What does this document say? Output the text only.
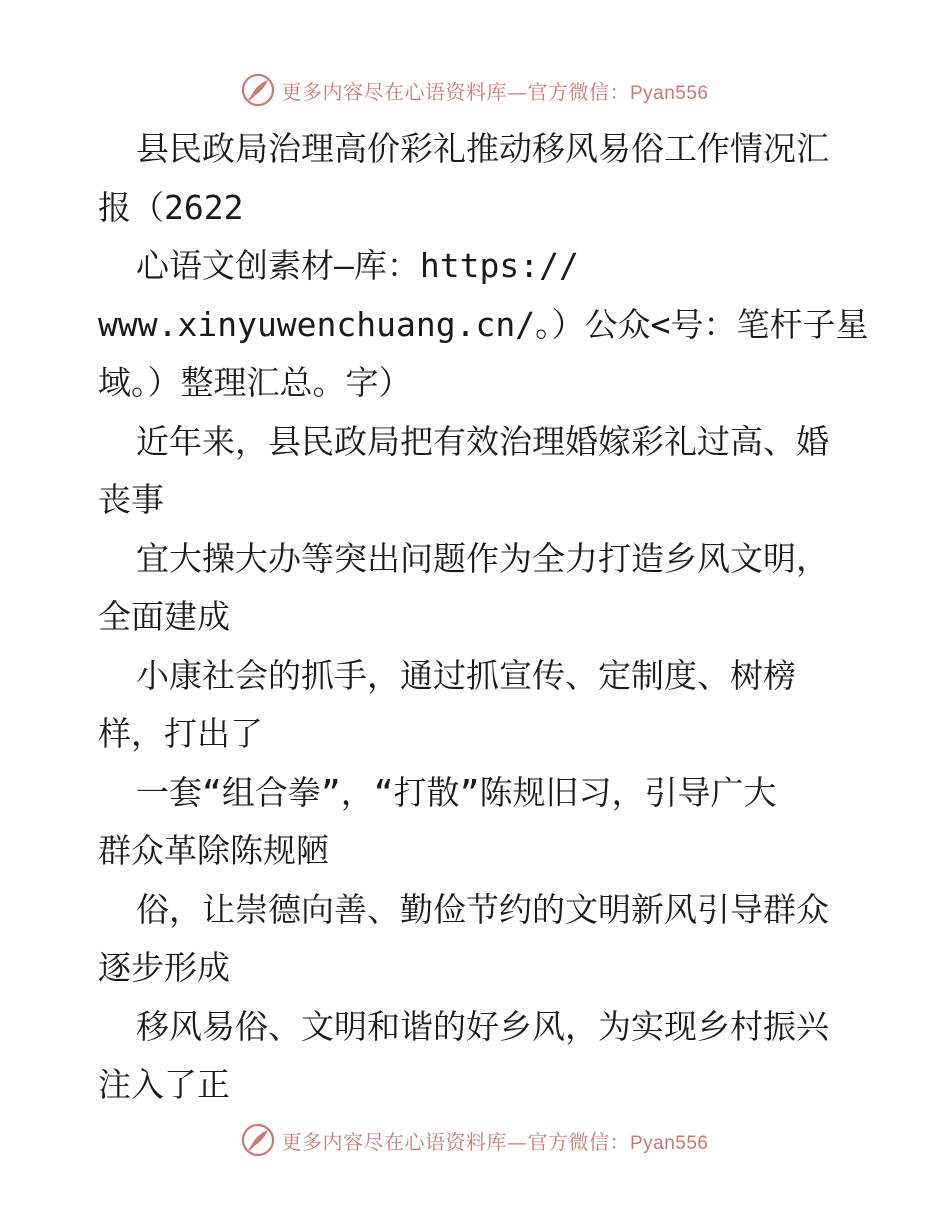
更多内容尽在心语资料库—官方微信：Pyan556
县民政局治理高价彩礼推动移风易俗工作情况汇
报（2622
心语文创素材—库：https://
www.xinyuwenchuang.cn/。）公众<号：笔杆子星
域。）整理汇总。字）
近年来，县民政局把有效治理婚嫁彩礼过高、婚
丧事
宜大操大办等突出问题作为全力打造乡风文明，
全面建成
小康社会的抓手，通过抓宣传、定制度、树榜
样，打出了
一套“组合拳”，“打散”陈规旧习，引导广大
群众革除陈规陋
俗，让崇德向善、勤俭节约的文明新风引导群众
逐步形成
移风易俗、文明和谐的好乡风，为实现乡村振兴
注入了正
更多内容尽在心语资料库—官方微信：Pyan556
